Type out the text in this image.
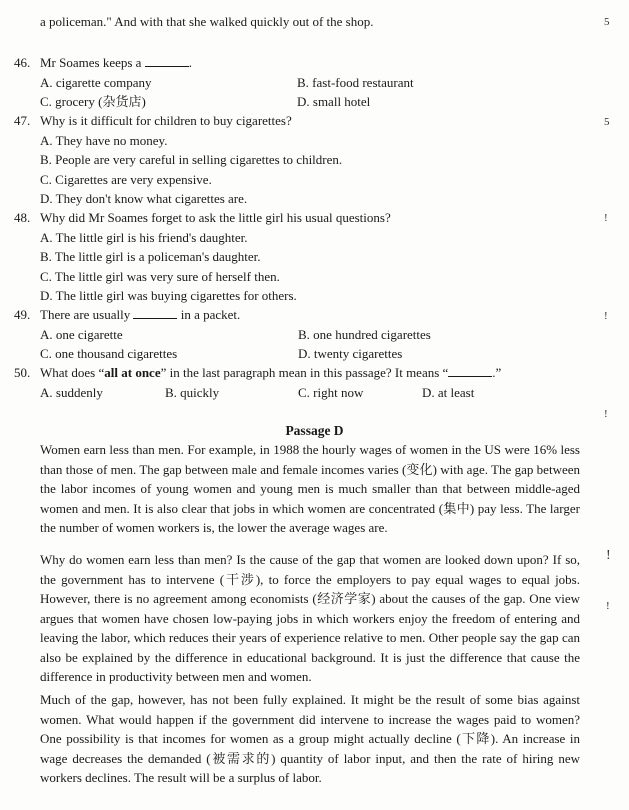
a policeman." And with that she walked quickly out of the shop.	5
46. Mr Soames keeps a	.
A. cigarette company	B. fast-food restaurant
C. grocery (杂货店)	D. small hotel
47. Why is it difficult for children to buy cigarettes?	5
A. They have no money.
B. People are very careful in selling cigarettes to children.
C. Cigarettes are very expensive.
D. They don't know what cigarettes are.
48. Why did Mr Soames forget to ask the little girl his usual questions?	!
A. The little girl is his friend's daughter.
B. The little girl is a policeman's daughter.
C. The little girl was very sure of herself then.
D. The little girl was buying cigarettes for others.
49. There are usually	in a packet.	!
A. one cigarette	B. one hundred cigarettes
C. one thousand cigarettes	D. twenty cigarettes
50. What does “all at once” in the last paragraph mean in this passage? It means “	.”
A. suddenly	B. quickly	C. right now	D. at least
!
Passage D
Women earn less than men. For example, in 1988 the hourly wages of women in the US were 16% less than those of men. The gap between male and female incomes varies (变化) with age. The gap between the labor incomes of young women and young men is much smaller than that between middle-aged women and men. It is also clear that jobs in which women are concentrated (集中) pay less. The larger the number of women workers is, the lower the average wages are.
Why do women earn less than men? Is the cause of the gap that women are looked down upon? If so, the government has to intervene (干涉), to force the employers to pay equal wages to equal jobs. However, there is no agreement among economists (经济学家) about the causes of the gap. One view argues that women have chosen low-paying jobs in which workers enjoy the freedom of entering and leaving the labor, which reduces their years of experience relative to men. Other people say the gap can also be explained by the difference in educational background. It is just the difference that cause the difference in productivity between men and women.
Much of the gap, however, has not been fully explained. It might be the result of some bias against women. What would happen if the government did intervene to increase the wages paid to women? One possibility is that incomes for women as a group might actually decline (下降). An increase in wage decreases the demanded (被需求的) quantity of labor input, and then the rate of hiring new workers declines. The result will be a surplus of labor.
!
!
